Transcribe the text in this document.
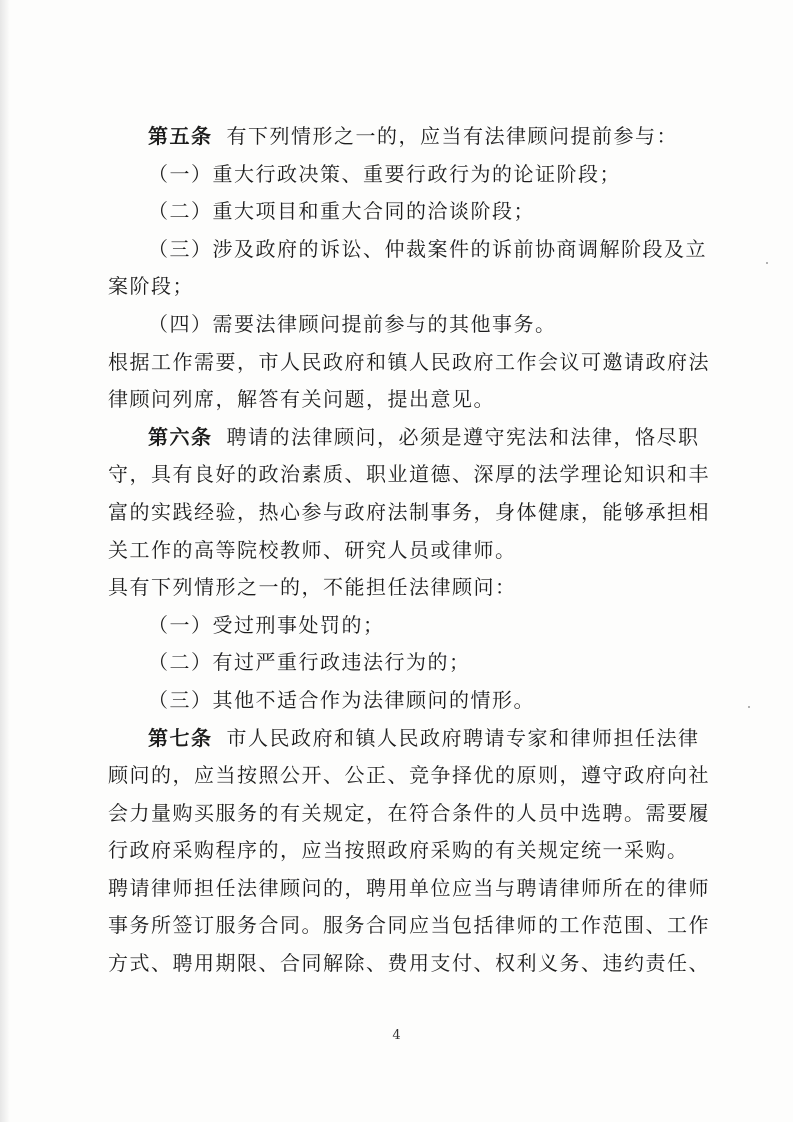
第五条 有下列情形之一的，应当有法律顾问提前参与：
（一）重大行政决策、重要行政行为的论证阶段；
（二）重大项目和重大合同的洽谈阶段；
（三）涉及政府的诉讼、仲裁案件的诉前协商调解阶段及立
案阶段；
（四）需要法律顾问提前参与的其他事务。
根据工作需要，市人民政府和镇人民政府工作会议可邀请政府法
律顾问列席，解答有关问题，提出意见。
第六条 聘请的法律顾问，必须是遵守宪法和法律，恪尽职
守，具有良好的政治素质、职业道德、深厚的法学理论知识和丰
富的实践经验，热心参与政府法制事务，身体健康，能够承担相
关工作的高等院校教师、研究人员或律师。
具有下列情形之一的，不能担任法律顾问：
（一）受过刑事处罚的；
（二）有过严重行政违法行为的；
（三）其他不适合作为法律顾问的情形。
第七条 市人民政府和镇人民政府聘请专家和律师担任法律
顾问的，应当按照公开、公正、竞争择优的原则，遵守政府向社
会力量购买服务的有关规定，在符合条件的人员中选聘。需要履
行政府采购程序的，应当按照政府采购的有关规定统一采购。
聘请律师担任法律顾问的，聘用单位应当与聘请律师所在的律师
事务所签订服务合同。服务合同应当包括律师的工作范围、工作
方式、聘用期限、合同解除、费用支付、权利义务、违约责任、
4
